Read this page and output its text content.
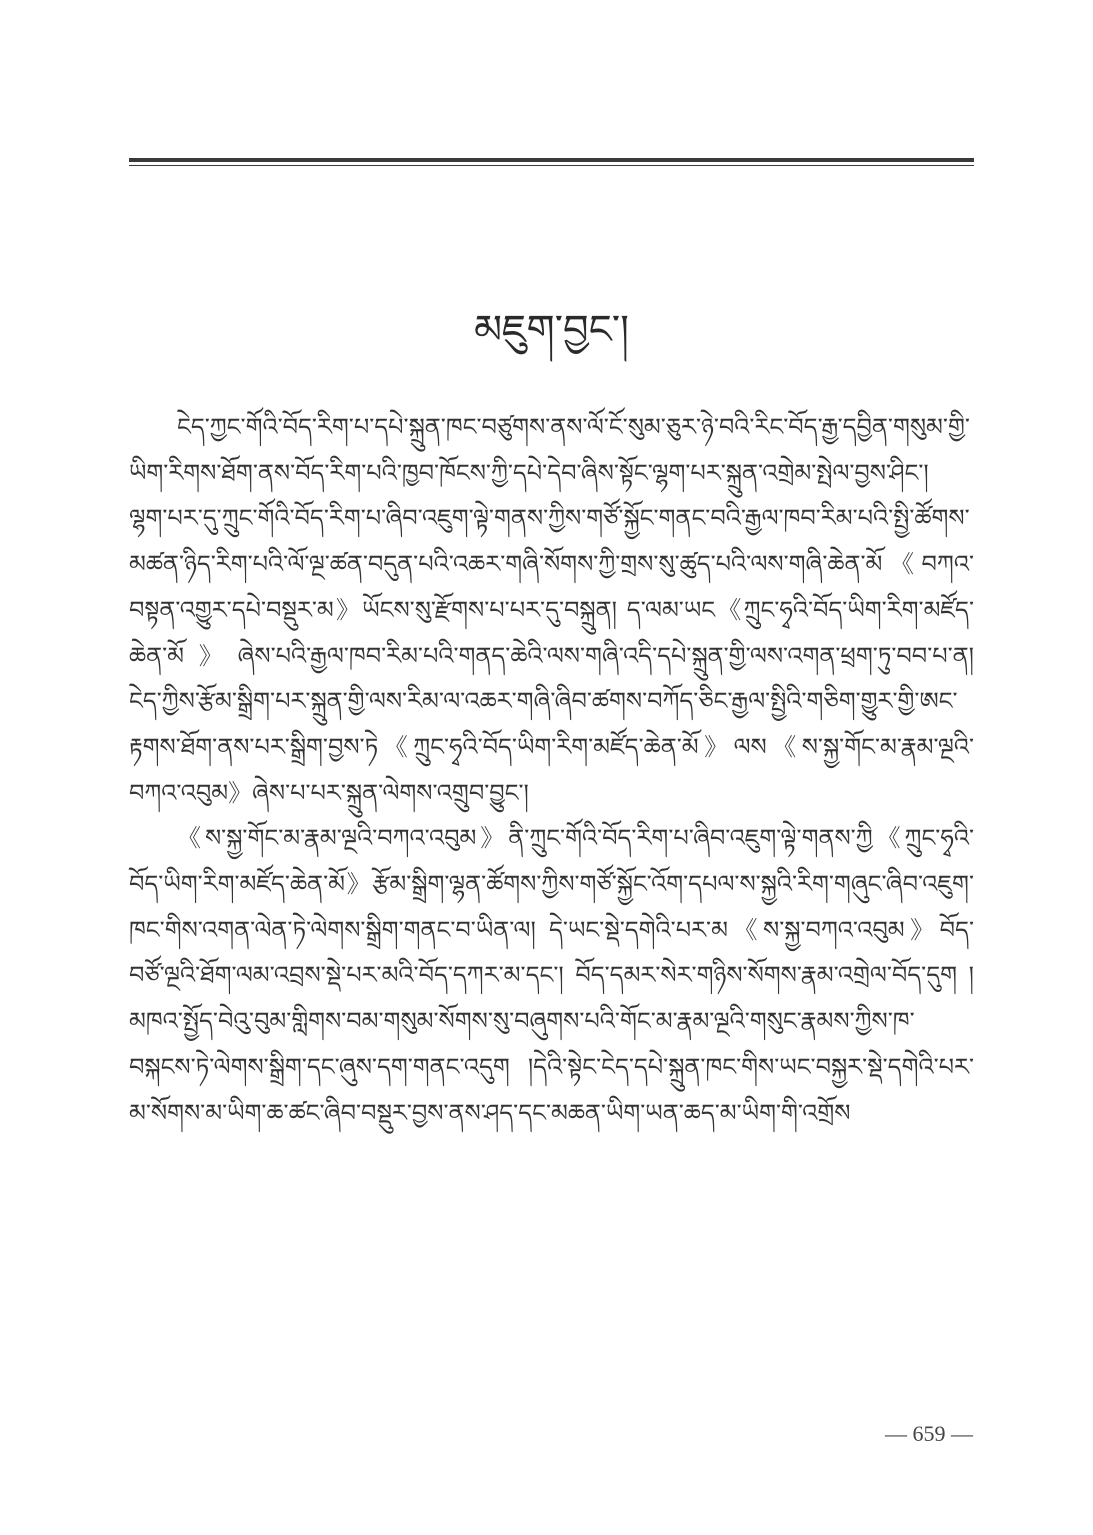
མཇུག་བྱང་།

ངེད་ཀྱང་གོའི་བོད་རིག་པ་དཔེ་སྐྲུན་ཁང་བཙུགས་ནས་ལོ་ངོ་སུམ་ཅུར་ཉེ་བའི་རིང་བོད་རྒྱ་དབྱིན་གསུམ་གྱི་ཡིག་རིགས་ཐོག་ནས་བོད་རིག་པའི་ཁྱབ་ཁོངས་ཀྱི་དཔེ་དེབ་ཞིས་སྟོང་ལྷག་པར་སྐྲུན་འགྲེམ་སྤེལ་བྱས་ཤིང་། ལྷག་པར་དུ་ཀྲུང་གོའི་བོད་རིག་པ་ཞིབ་འཇུག་ལྟེ་གནས་ཀྱིས་གཙོ་སྐྱོང་གནང་བའི་རྒྱལ་ཁབ་རིམ་པའི་སྤྱི་ཚོགས་མཚན་ཉིད་རིག་པའི་ལོ་ལྔ་ཚན་བདུན་པའི་འཆར་གཞི་སོགས་ཀྱི་གྲས་སུ་ཚུད་པའི་ལས་གཞི་ཆེན་མོ《བཀའ་བསྟན་འགྱུར་དཔེ་བསྡུར་མ》ཡོངས་སུ་རྫོགས་པ་པར་དུ་བསྐྲུན། ད་ལམ་ཡང《ཀྲུང་ཧྭའི་བོད་ཡིག་རིག་མཛོད་ཆེན་མོ》ཞེས་པའི་རྒྱལ་ཁབ་རིམ་པའི་གནད་ཆེའི་ལས་གཞི་འདི་དཔེ་སྐྲུན་གྱི་ལས་འགན་ཕྲག་ཏུ་བབ་པ་ན། ངེད་ཀྱིས་རྩོམ་སྒྲིག་པར་སྐྲུན་གྱི་ལས་རིམ་ལ་འཆར་གཞི་ཞིབ་ཚགས་བཀོད་ཅིང་རྒྱལ་སྤྱིའི་གཅིག་གྱུར་གྱི་ཨང་རྟགས་ཐོག་ནས་པར་སྒྲིག་བྱས་ཏེ《ཀྲུང་ཧྭའི་བོད་ཡིག་རིག་མཛོད་ཆེན་མོ》ལས《ས་སྐྱ་གོང་མ་རྣམ་ལྔའི་བཀའ་འབུམ》ཞེས་པ་པར་སྐྲུན་ལེགས་འགྲུབ་བྱུང་།

《ས་སྐྱ་གོང་མ་རྣམ་ལྔའི་བཀའ་འབུམ》ནི་ཀྲུང་གོའི་བོད་རིག་པ་ཞིབ་འཇུག་ལྟེ་གནས་ཀྱི《ཀྲུང་ཧྭའི་བོད་ཡིག་རིག་མཛོད་ཆེན་མོ》རྩོམ་སྒྲིག་ལྷན་ཚོགས་ཀྱིས་གཙོ་སྐྱོང་འོག་དཔལ་ས་སྐྱའི་རིག་གཞུང་ཞིབ་འཇུག་ཁང་གིས་འགན་ལེན་ཏེ་ལེགས་སྒྲིག་གནང་བ་ཡིན་ལ། དེ་ཡང་སྡེ་དགེའི་པར་མ《ས་སྐྱ་བཀའ་འབུམ》བོད་བཙོ་ལྔའི་ཐོག་ལམ་འབྲས་སྡེ་པར་མའི་བོད་དཀར་མ་དང་། བོད་དམར་སེར་གཉིས་སོགས་རྣམ་འགྲེལ་བོད་དུག །མཁའ་སྤྱོད་བེའུ་བུམ་གླིགས་བམ་གསུམ་སོགས་སུ་བཞུགས་པའི་གོང་མ་རྣམ་ལྔའི་གསུང་རྣམས་ཀྱིས་ཁ་བསྐངས་ཏེ་ལེགས་སྒྲིག་དང་ཞུས་དག་གནང་འདུག །དེའི་སྟེང་ངེད་དཔེ་སྐྲུན་ཁང་གིས་ཡང་བསྐྱར་སྡེ་དགེའི་པར་མ་སོགས་མ་ཡིག་ཆ་ཚང་ཞིབ་བསྡུར་བྱས་ནས་ཤད་དང་མཆན་ཡིག་ཡན་ཆད་མ་ཡིག་གི་འགྲོས

— 659 —
